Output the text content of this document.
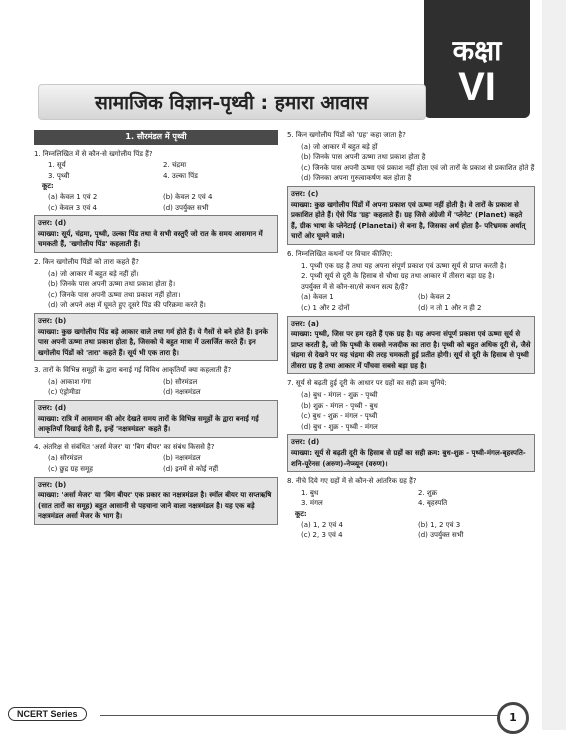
कक्षा
VI
सामाजिक विज्ञान-पृथ्वी : हमारा आवास
1. सौरमंडल में पृथ्वी
1. निम्नलिखित में से कौन-से खगोलीय पिंड हैं?
1. सूर्य	2. चंद्रमा
3. पृथ्वी	4. उल्का पिंड
कूट:
(a) केवल 1 एवं 2	(b) केवल 2 एवं 4
(c) केवल 3 एवं 4	(d) उपर्युक्त सभी
उत्तर: (d)
व्याख्या: सूर्य, चंद्रमा, पृथ्वी, उल्का पिंड तथा वे सभी वस्तुएँ जो रात के समय आसमान में चमकती हैं, 'खगोलीय पिंड' कहलाती हैं।
2. किन खगोलीय पिंडों को तारा कहते हैं?
(a) जो आकार में बहुत बड़े नहीं हों।
(b) जिनके पास अपनी ऊष्मा तथा प्रकाश होता है।
(c) जिनके पास अपनी ऊष्मा तथा प्रकाश नहीं होता।
(d) जो अपने अक्ष में घूमते हुए दूसरे पिंड की परिक्रमा करते हैं।
उत्तर: (b)
व्याख्या: कुछ खगोलीय पिंड बड़े आकार वाले तथा गर्म होते हैं। ये गैसों से बने होते हैं। इनके पास अपनी ऊष्मा तथा प्रकाश होता है, जिसको ये बहुत मात्रा में उत्सर्जित करते हैं। इन खगोलीय पिंडों को 'तारा' कहते हैं। सूर्य भी एक तारा है।
3. तारों के विभिन्न समूहों के द्वारा बनाई गई विविध आकृतियाँ क्या कहलाती हैं?
(a) आकाश गंगा	(b) सौरमंडल
(c) एंड्रोमीडा	(d) नक्षत्रमंडल
उत्तर: (d)
व्याख्या: रात्रि में आसमान की ओर देखते समय तारों के विभिन्न समूहों के द्वारा बनाई गई आकृतियाँ दिखाई देती हैं, इन्हें 'नक्षत्रमंडल' कहते हैं।
4. अंतरिक्ष से संबंधित 'अर्सा मेजर' या 'बिग बीयर' का संबंध किससे है?
(a) सौरमंडल	(b) नक्षत्रमंडल
(c) छुद्र ग्रह समूह	(d) इनमें से कोई नहीं
उत्तर: (b)
व्याख्या: 'अर्सा मेजर' या 'बिग बीयर' एक प्रकार का नक्षत्रमंडल है। स्मॉल बीयर या सप्तऋषि (सात तारों का समूह) बहुत आसानी से पहचाना जाने वाला नक्षत्रमंडल है। यह एक बड़े नक्षत्रमंडल अर्सा मेजर के भाग है।
5. किन खगोलीय पिंडों को 'ग्रह' कहा जाता है?
(a) जो आकार में बहुत बड़े हों
(b) जिनके पास अपनी ऊष्मा तथा प्रकाश होता है
(c) जिनके पास अपनी ऊष्मा एवं प्रकाश नहीं होता एवं जो तारों के प्रकाश से प्रकाशित होते हैं
(d) जिनका अपना गुरुत्वाकर्षण बल होता है
उत्तर: (c)
व्याख्या: कुछ खगोलीय पिंडों में अपना प्रकाश एवं ऊष्मा नहीं होती है। वे तारों के प्रकाश से प्रकाशित होते हैं। ऐसे पिंड 'ग्रह' कहलाते हैं। ग्रह जिसे अंग्रेजी में 'प्लेनेट' (Planet) कहते हैं, ग्रीक भाषा के प्लेनेटाई (Planetai) से बना है, जिसका अर्थ होता है- परिभ्रमक अर्थात् चारों ओर घूमने वाले।
6. निम्नलिखित कथनों पर विचार कीजिए:
1. पृथ्वी एक ग्रह है तथा यह अपना संपूर्ण प्रकाश एवं ऊष्मा सूर्य से प्राप्त करती है।
2. पृथ्वी सूर्य से दूरी के हिसाब से चौथा ग्रह तथा आकार में तीसरा बड़ा ग्रह है।
उपर्युक्त में से कौन-सा/से कथन सत्य है/हैं?
(a) केवल 1	(b) केवल 2
(c) 1 और 2 दोनों	(d) न तो 1 और न ही 2
उत्तर: (a)
व्याख्या: पृथ्वी, जिस पर हम रहते हैं एक ग्रह है। यह अपना संपूर्ण प्रकाश एवं ऊष्मा सूर्य से प्राप्त करती है, जो कि पृथ्वी के सबसे नजदीक का तारा है। पृथ्वी को बहुत अधिक दूरी से, जैसे चंद्रमा से देखने पर यह चंद्रमा की तरह चमकती हुई प्रतीत होगी। सूर्य से दूरी के हिसाब से पृथ्वी तीसरा ग्रह है तथा आकार में पाँचवा सबसे बड़ा ग्रह है।
7. सूर्य से बढ़ती हुई दूरी के आधार पर ग्रहों का सही क्रम चुनिये:
(a) बुध - मंगल - शुक्र - पृथ्वी
(b) शुक्र - मंगल - पृथ्वी - बुध
(c) बुध - शुक्र - मंगल - पृथ्वी
(d) बुध - शुक्र - पृथ्वी - मंगल
उत्तर: (d)
व्याख्या: सूर्य से बढ़ती दूरी के हिसाब से ग्रहों का सही क्रम: बुध-शुक्र - पृथ्वी-मंगल-बृहस्पति-शनि-यूरेनस (अरुण)-नेप्च्यून (वरुण)।
8. नीचे दिये गए ग्रहों में से कौन-से आंतरिक ग्रह हैं?
1. बुध	2. शुक्र
3. मंगल	4. बृहस्पति
कूट:
(a) 1, 2 एवं 4	(b) 1, 2 एवं 3
(c) 2, 3 एवं 4	(d) उपर्युक्त सभी
NCERT Series	1
